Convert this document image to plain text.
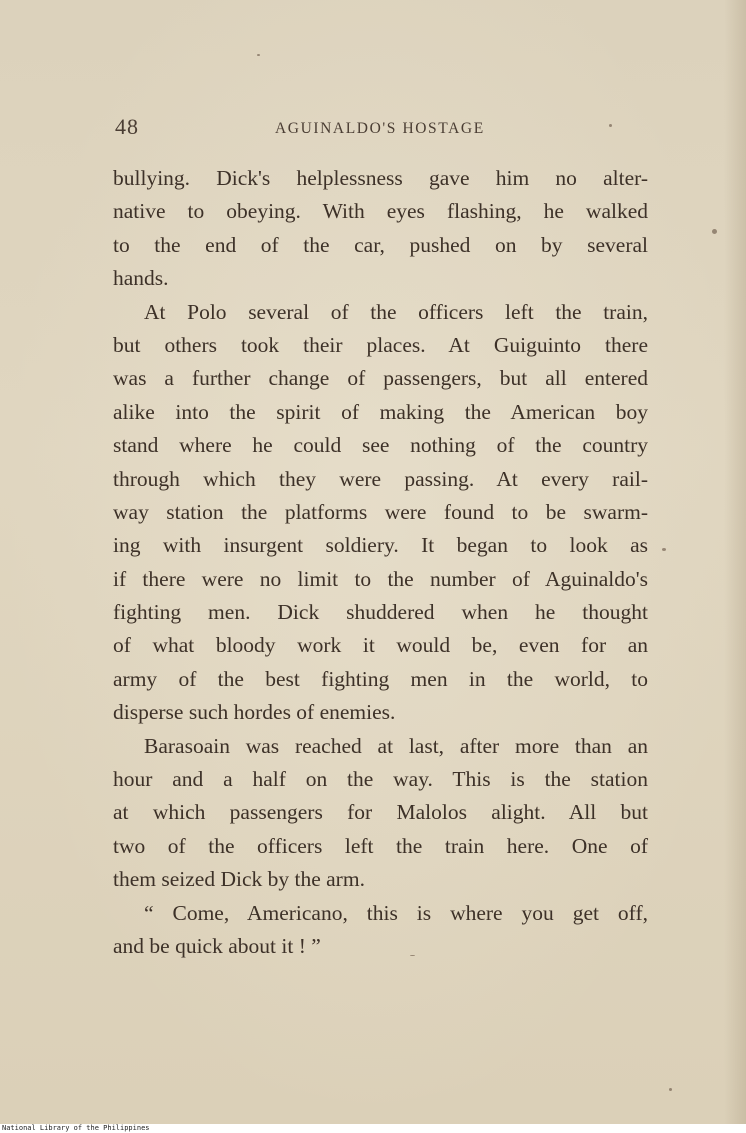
48	AGUINALDO'S HOSTAGE
bullying. Dick's helplessness gave him no alter-
native to obeying. With eyes flashing, he walked
to the end of the car, pushed on by several
hands.
At Polo several of the officers left the train,
but others took their places. At Guiguinto there
was a further change of passengers, but all entered
alike into the spirit of making the American boy
stand where he could see nothing of the country
through which they were passing. At every rail-
way station the platforms were found to be swarm-
ing with insurgent soldiery. It began to look as
if there were no limit to the number of Aguinaldo's
fighting men. Dick shuddered when he thought
of what bloody work it would be, even for an
army of the best fighting men in the world, to
disperse such hordes of enemies.
Barasoain was reached at last, after more than an
hour and a half on the way. This is the station
at which passengers for Malolos alight. All but
two of the officers left the train here. One of
them seized Dick by the arm.
“ Come, Americano, this is where you get off,
and be quick about it ! ”
National Library of the Philippines
